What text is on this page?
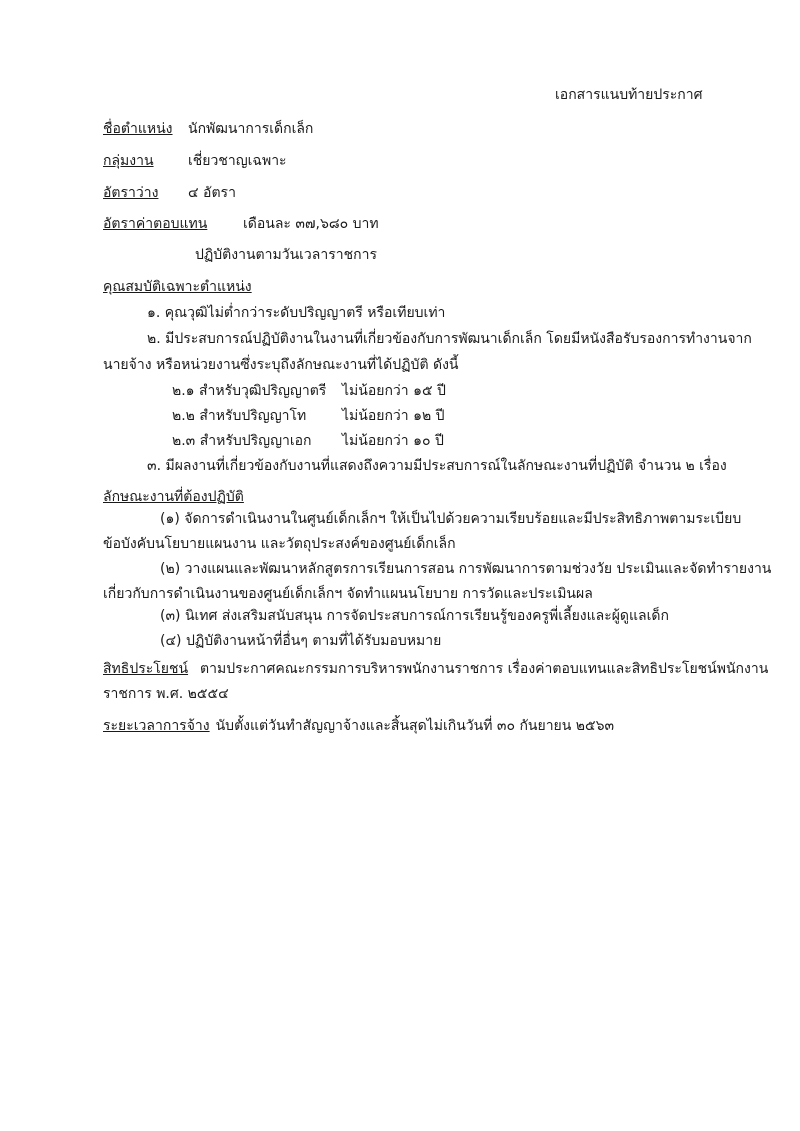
เอกสารแนบท้ายประกาศ
ชื่อตำแหน่ง นักพัฒนาการเด็กเล็ก
กลุ่มงาน เชี่ยวชาญเฉพาะ
อัตราว่าง ๔ อัตรา
อัตราค่าตอบแทน	เดือนละ ๓๗,๖๘๐ บาท
ปฏิบัติงานตามวันเวลาราชการ
คุณสมบัติเฉพาะตำแหน่ง
๑. คุณวุฒิไม่ต่ำกว่าระดับปริญญาตรี หรือเทียบเท่า
๒. มีประสบการณ์ปฏิบัติงานในงานที่เกี่ยวข้องกับการพัฒนาเด็กเล็ก โดยมีหนังสือรับรองการทำงานจาก
นายจ้าง หรือหน่วยงานซึ่งระบุถึงลักษณะงานที่ได้ปฏิบัติ ดังนี้
๒.๑ สำหรับวุฒิปริญญาตรี ไม่น้อยกว่า ๑๕ ปี
๒.๒ สำหรับปริญญาโท	ไม่น้อยกว่า ๑๒ ปี
๒.๓ สำหรับปริญญาเอก ไม่น้อยกว่า ๑๐ ปี
๓. มีผลงานที่เกี่ยวข้องกับงานที่แสดงถึงความมีประสบการณ์ในลักษณะงานที่ปฏิบัติ จำนวน ๒ เรื่อง
ลักษณะงานที่ต้องปฏิบัติ
(๑) จัดการดำเนินงานในศูนย์เด็กเล็กฯ ให้เป็นไปด้วยความเรียบร้อยและมีประสิทธิภาพตามระเบียบ
ข้อบังคับนโยบายแผนงาน และวัตถุประสงค์ของศูนย์เด็กเล็ก
(๒) วางแผนและพัฒนาหลักสูตรการเรียนการสอน การพัฒนาการตามช่วงวัย ประเมินและจัดทำรายงาน
เกี่ยวกับการดำเนินงานของศูนย์เด็กเล็กฯ จัดทำแผนนโยบาย การวัดและประเมินผล
(๓) นิเทศ ส่งเสริมสนับสนุน การจัดประสบการณ์การเรียนรู้ของครูพี่เลี้ยงและผู้ดูแลเด็ก
(๔) ปฏิบัติงานหน้าที่อื่นๆ ตามที่ได้รับมอบหมาย
สิทธิประโยชน์ ตามประกาศคณะกรรมการบริหารพนักงานราชการ เรื่องค่าตอบแทนและสิทธิประโยชน์พนักงาน
ราชการ พ.ศ. ๒๕๕๔
ระยะเวลาการจ้าง นับตั้งแต่วันทำสัญญาจ้างและสิ้นสุดไม่เกินวันที่ ๓๐ กันยายน ๒๕๖๓
